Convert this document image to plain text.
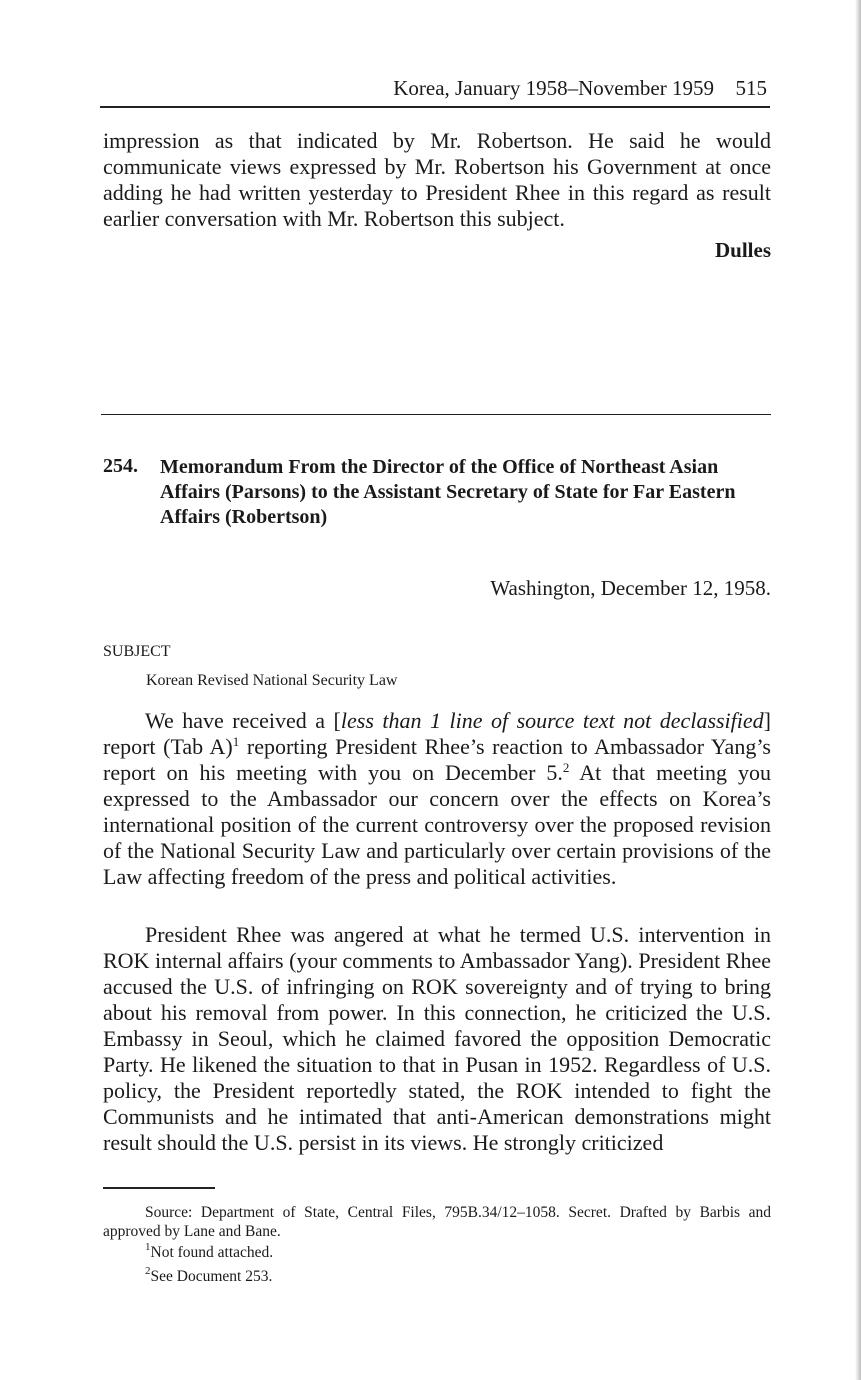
Korea, January 1958–November 1959 515
impression as that indicated by Mr. Robertson. He said he would communicate views expressed by Mr. Robertson his Government at once adding he had written yesterday to President Rhee in this regard as result earlier conversation with Mr. Robertson this subject.
Dulles
254. Memorandum From the Director of the Office of Northeast Asian Affairs (Parsons) to the Assistant Secretary of State for Far Eastern Affairs (Robertson)
Washington, December 12, 1958.
SUBJECT
Korean Revised National Security Law
We have received a [less than 1 line of source text not declassified] report (Tab A)$^1$ reporting President Rhee’s reaction to Ambassador Yang’s report on his meeting with you on December 5.$^2$ At that meeting you expressed to the Ambassador our concern over the effects on Korea’s international position of the current controversy over the proposed revision of the National Security Law and particularly over certain provisions of the Law affecting freedom of the press and political activities.
President Rhee was angered at what he termed U.S. intervention in ROK internal affairs (your comments to Ambassador Yang). President Rhee accused the U.S. of infringing on ROK sovereignty and of trying to bring about his removal from power. In this connection, he criticized the U.S. Embassy in Seoul, which he claimed favored the opposition Democratic Party. He likened the situation to that in Pusan in 1952. Regardless of U.S. policy, the President reportedly stated, the ROK intended to fight the Communists and he intimated that anti-American demonstrations might result should the U.S. persist in its views. He strongly criticized
Source: Department of State, Central Files, 795B.34/12–1058. Secret. Drafted by Barbis and approved by Lane and Bane.
$^1$Not found attached.
$^2$See Document 253.
